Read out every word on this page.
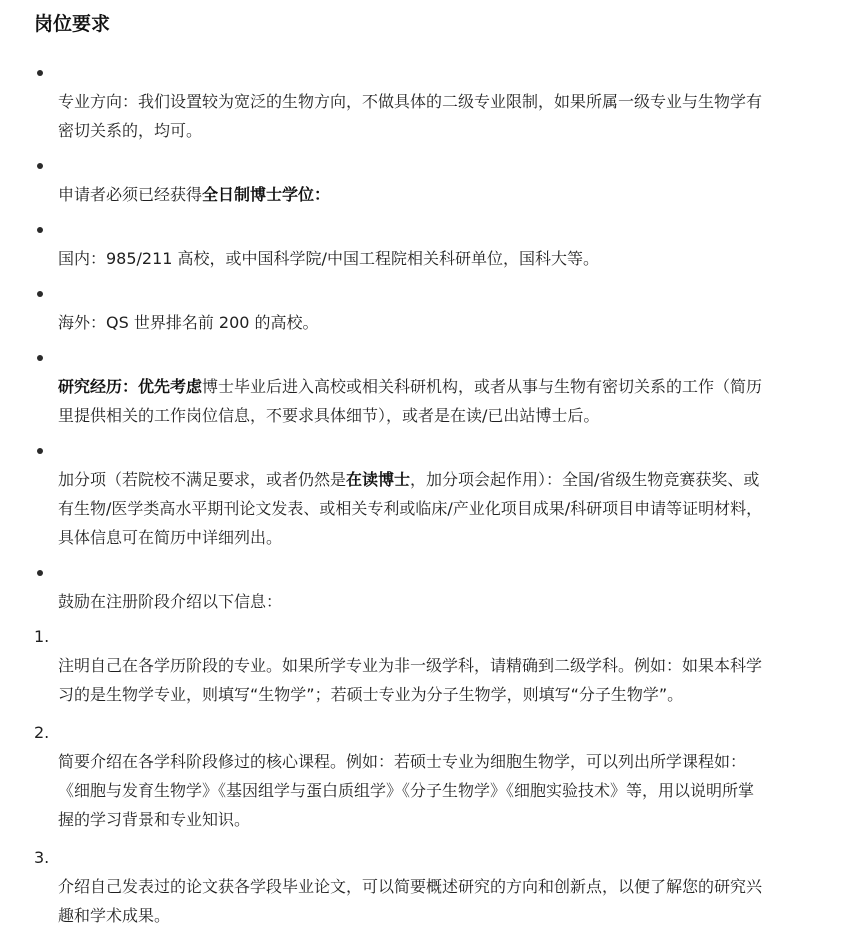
岗位要求

专业方向：我们设置较为宽泛的生物方向，不做具体的二级专业限制，如果所属一级专业与生物学有
密切关系的，均可。

申请者必须已经获得全日制博士学位：

国内：985/211 高校，或中国科学院/中国工程院相关科研单位，国科大等。

海外：QS 世界排名前 200 的高校。

研究经历：优先考虑博士毕业后进入高校或相关科研机构，或者从事与生物有密切关系的工作（简历
里提供相关的工作岗位信息，不要求具体细节），或者是在读/已出站博士后。

加分项（若院校不满足要求，或者仍然是在读博士，加分项会起作用）：全国/省级生物竞赛获奖、或
有生物/医学类高水平期刊论文发表、或相关专利或临床/产业化项目成果/科研项目申请等证明材料，
具体信息可在简历中详细列出。

鼓励在注册阶段介绍以下信息：

1.
注明自己在各学历阶段的专业。如果所学专业为非一级学科，请精确到二级学科。例如：如果本科学
习的是生物学专业，则填写“生物学”；若硕士专业为分子生物学，则填写“分子生物学”。

2.
简要介绍在各学科阶段修过的核心课程。例如：若硕士专业为细胞生物学，可以列出所学课程如：
《细胞与发育生物学》《基因组学与蛋白质组学》《分子生物学》《细胞实验技术》等，用以说明所掌
握的学习背景和专业知识。

3.
介绍自己发表过的论文获各学段毕业论文，可以简要概述研究的方向和创新点，以便了解您的研究兴
趣和学术成果。
